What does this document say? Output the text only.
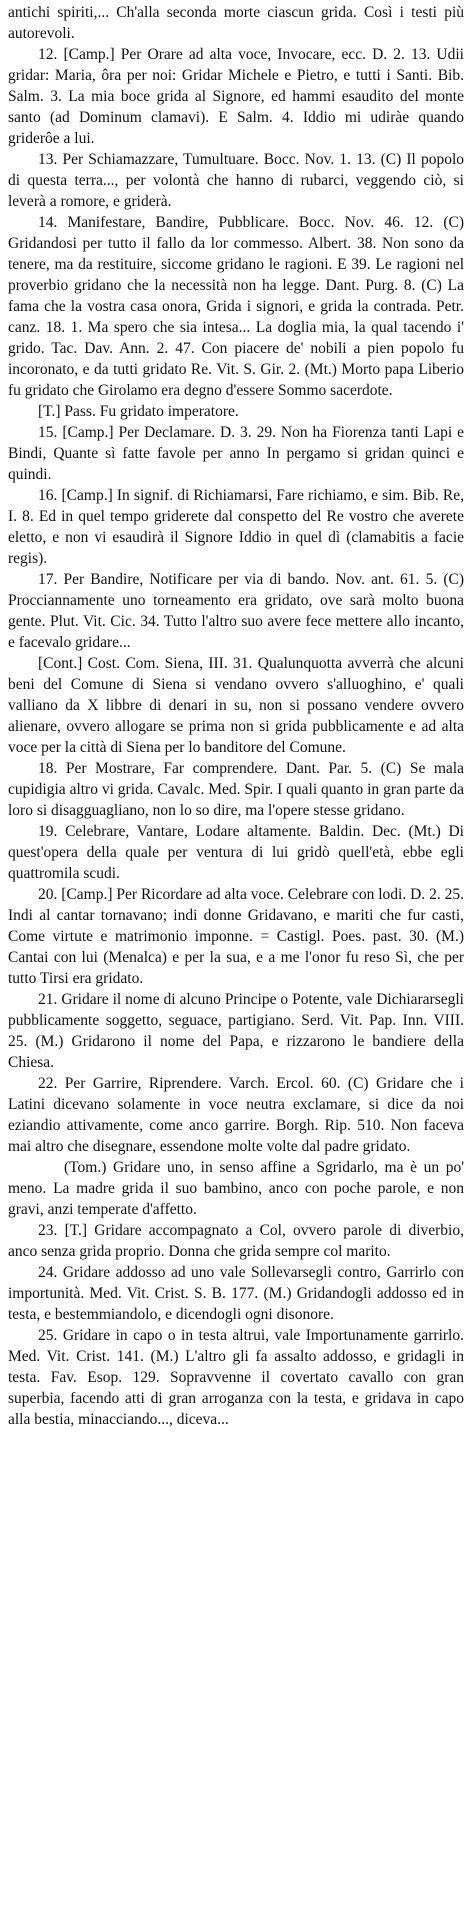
antichi spiriti,... Ch'alla seconda morte ciascun grida. Così i testi più autorevoli.

12. [Camp.] Per Orare ad alta voce, Invocare, ecc. D. 2. 13. Udii gridar: Maria, ôra per noi: Gridar Michele e Pietro, e tutti i Santi. Bib. Salm. 3. La mia boce grida al Signore, ed hammi esaudito del monte santo (ad Dominum clamavi). E Salm. 4. Iddio mi udiràe quando griderôe a lui.

13. Per Schiamazzare, Tumultuare. Bocc. Nov. 1. 13. (C) Il popolo di questa terra..., per volontà che hanno di rubarci, veggendo ciò, si leverà a romore, e griderà.

14. Manifestare, Bandire, Pubblicare. Bocc. Nov. 46. 12. (C) Gridandosi per tutto il fallo da lor commesso. Albert. 38. Non sono da tenere, ma da restituire, siccome gridano le ragioni. E 39. Le ragioni nel proverbio gridano che la necessità non ha legge. Dant. Purg. 8. (C) La fama che la vostra casa onora, Grida i signori, e grida la contrada. Petr. canz. 18. 1. Ma spero che sia intesa... La doglia mia, la qual tacendo i' grido. Tac. Dav. Ann. 2. 47. Con piacere de' nobili a pien popolo fu incoronato, e da tutti gridato Re. Vit. S. Gir. 2. (Mt.) Morto papa Liberio fu gridato che Girolamo era degno d'essere Sommo sacerdote.

[T.] Pass. Fu gridato imperatore.

15. [Camp.] Per Declamare. D. 3. 29. Non ha Fiorenza tanti Lapi e Bindi, Quante sì fatte favole per anno In pergamo si gridan quinci e quindi.

16. [Camp.] In signif. di Richiamarsi, Fare richiamo, e sim. Bib. Re, I. 8. Ed in quel tempo griderete dal conspetto del Re vostro che averete eletto, e non vi esaudirà il Signore Iddio in quel dì (clamabitis a facie regis).

17. Per Bandire, Notificare per via di bando. Nov. ant. 61. 5. (C) Procciannamente uno torneamento era gridato, ove sarà molto buona gente. Plut. Vit. Cic. 34. Tutto l'altro suo avere fece mettere allo incanto, e facevalo gridare...

[Cont.] Cost. Com. Siena, III. 31. Qualunquotta avverrà che alcuni beni del Comune di Siena si vendano ovvero s'alluoghino, e' quali valliano da X libbre di denari in su, non si possano vendere ovvero alienare, ovvero allogare se prima non si grida pubblicamente e ad alta voce per la città di Siena per lo banditore del Comune.

18. Per Mostrare, Far comprendere. Dant. Par. 5. (C) Se mala cupidigia altro vi grida. Cavalc. Med. Spir. I quali quanto in gran parte da loro si disagguagliano, non lo so dire, ma l'opere stesse gridano.

19. Celebrare, Vantare, Lodare altamente. Baldin. Dec. (Mt.) Di quest'opera della quale per ventura di lui gridò quell'età, ebbe egli quattromila scudi.

20. [Camp.] Per Ricordare ad alta voce. Celebrare con lodi. D. 2. 25. Indi al cantar tornavano; indi donne Gridavano, e mariti che fur casti, Come virtute e matrimonio imponne. = Castigl. Poes. past. 30. (M.) Cantai con lui (Menalca) e per la sua, e a me l'onor fu reso Sì, che per tutto Tirsi era gridato.

21. Gridare il nome di alcuno Principe o Potente, vale Dichiararsegli pubblicamente soggetto, seguace, partigiano. Serd. Vit. Pap. Inn. VIII. 25. (M.) Gridarono il nome del Papa, e rizzarono le bandiere della Chiesa.

22. Per Garrire, Riprendere. Varch. Ercol. 60. (C) Gridare che i Latini dicevano solamente in voce neutra exclamare, si dice da noi eziandio attivamente, come anco garrire. Borgh. Rip. 510. Non faceva mai altro che disegnare, essendone molte volte dal padre gridato.

(Tom.) Gridare uno, in senso affine a Sgridarlo, ma è un po' meno. La madre grida il suo bambino, anco con poche parole, e non gravi, anzi temperate d'affetto.

23. [T.] Gridare accompagnato a Col, ovvero parole di diverbio, anco senza grida proprio. Donna che grida sempre col marito.

24. Gridare addosso ad uno vale Sollevarsegli contro, Garrirlo con importunità. Med. Vit. Crist. S. B. 177. (M.) Gridandogli addosso ed in testa, e bestemmiandolo, e dicendogli ogni disonore.

25. Gridare in capo o in testa altrui, vale Importunamente garrirlo. Med. Vit. Crist. 141. (M.) L'altro gli fa assalto addosso, e gridagli in testa. Fav. Esop. 129. Sopravvenne il covertato cavallo con gran superbia, facendo atti di gran arroganza con la testa, e gridava in capo alla bestia, minacciando..., diceva...
